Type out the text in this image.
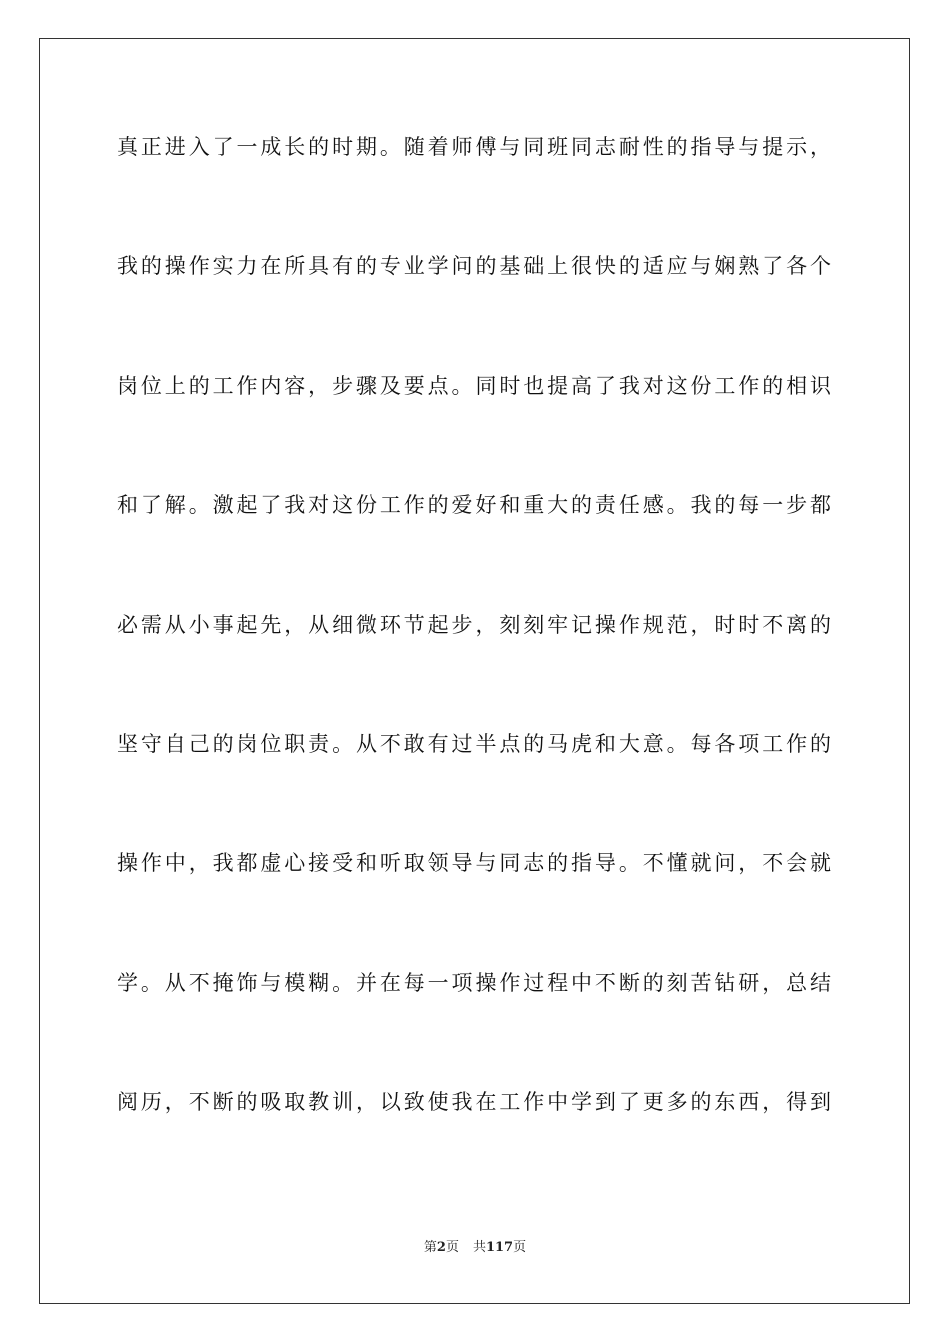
真正进入了一成长的时期。随着师傅与同班同志耐性的指导与提示，
我的操作实力在所具有的专业学问的基础上很快的适应与娴熟了各个
岗位上的工作内容，步骤及要点。同时也提高了我对这份工作的相识
和了解。激起了我对这份工作的爱好和重大的责任感。我的每一步都
必需从小事起先，从细微环节起步，刻刻牢记操作规范，时时不离的
坚守自己的岗位职责。从不敢有过半点的马虎和大意。每各项工作的
操作中，我都虚心接受和听取领导与同志的指导。不懂就问，不会就
学。从不掩饰与模糊。并在每一项操作过程中不断的刻苦钻研，总结
阅历，不断的吸取教训，以致使我在工作中学到了更多的东西，得到
第2页 共117页
